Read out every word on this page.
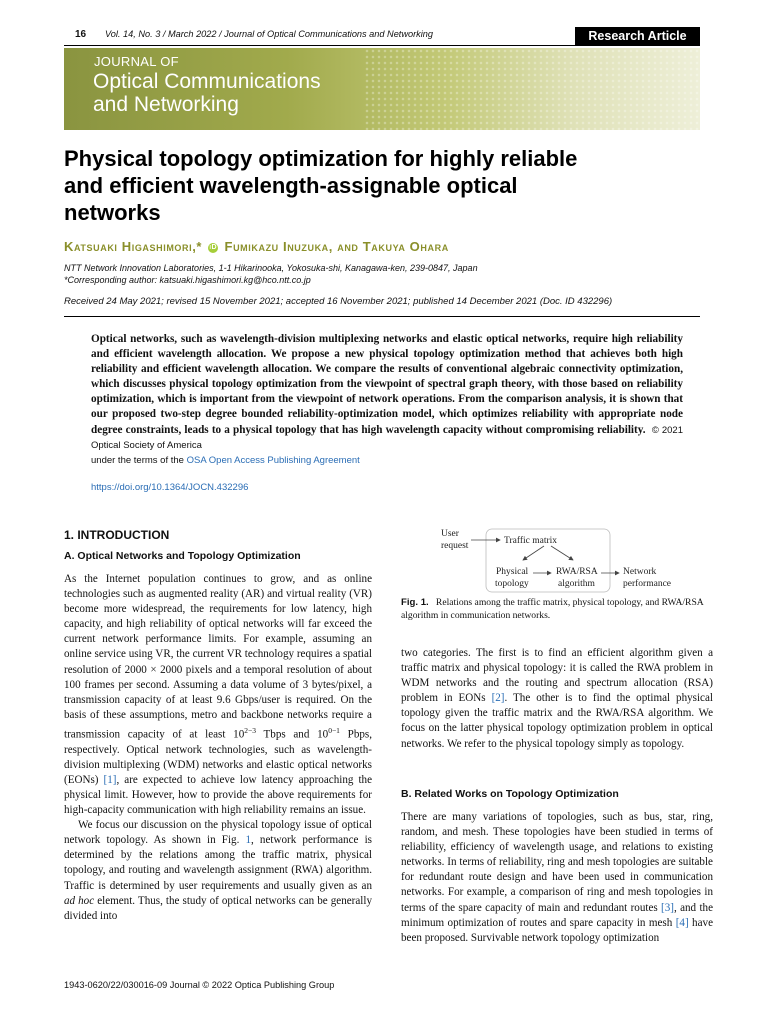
16 Vol. 14, No. 3 / March 2022 / Journal of Optical Communications and Networking	Research Article
JOURNAL OF
Optical Communications
and Networking
Physical topology optimization for highly reliable
and efficient wavelength-assignable optical
networks
Katsuaki Higashimori,* iD Fumikazu Inuzuka, and Takuya Ohara
NTT Network Innovation Laboratories, 1-1 Hikarinooka, Yokosuka-shi, Kanagawa-ken, 239-0847, Japan
*Corresponding author: katsuaki.higashimori.kg@hco.ntt.co.jp
Received 24 May 2021; revised 15 November 2021; accepted 16 November 2021; published 14 December 2021 (Doc. ID 432296)
Optical networks, such as wavelength-division multiplexing networks and elastic optical networks, require high reliability and efficient wavelength allocation. We propose a new physical topology optimization method that achieves both high reliability and efficient wavelength allocation. We compare the results of conventional algebraic connectivity optimization, which discusses physical topology optimization from the viewpoint of spectral graph theory, with those based on reliability optimization, which is important from the viewpoint of network operations. From the comparison analysis, it is shown that our proposed two-step degree bounded reliability-optimization model, which optimizes reliability with appropriate node degree constraints, leads to a physical topology that has high wavelength capacity without compromising reliability. © 2021 Optical Society of America
under the terms of the OSA Open Access Publishing Agreement
https://doi.org/10.1364/JOCN.432296
1. INTRODUCTION
A. Optical Networks and Topology Optimization

As the Internet population continues to grow, and as online technologies such as augmented reality (AR) and virtual reality (VR) become more widespread, the requirements for low latency, high capacity, and high reliability of optical networks will far exceed the current network performance limits. For example, assuming an online service using VR, the current VR technology requires a spatial resolution of 2000 × 2000 pixels and a temporal resolution of about 100 frames per second. Assuming a data volume of 3 bytes/pixel, a transmission capacity of at least 9.6 Gbps/user is required. On the basis of these assumptions, metro and backbone networks require a transmission capacity of at least $10^{2-3}$ Tbps and $10^{0-1}$ Pbps, respectively. Optical network technologies, such as wavelength-division multiplexing (WDM) networks and elastic optical networks (EONs) [1], are expected to achieve low latency approaching the physical limit. However, how to provide the above requirements for high-capacity communication with high reliability remains an issue.

We focus our discussion on the physical topology issue of optical network topology. As shown in Fig. 1, network performance is determined by the relations among the traffic matrix, physical topology, and routing and wavelength assignment (RWA) algorithm. Traffic is determined by user requirements and usually given as an ad hoc element. Thus, the study of optical networks can be generally divided into

User request	Traffic matrix
Physical
topology
RWA/RSA
algorithm
Network
performance
Fig. 1. Relations among the traffic matrix, physical topology, and RWA/RSA algorithm in communication networks.

two categories. The first is to find an efficient algorithm given a traffic matrix and physical topology: it is called the RWA problem in WDM networks and the routing and spectrum allocation (RSA) problem in EONs [2]. The other is to find the optimal physical topology given the traffic matrix and the RWA/RSA algorithm. We focus on the latter physical topology optimization problem in optical networks. We refer to the physical topology simply as topology.

B. Related Works on Topology Optimization

There are many variations of topologies, such as bus, star, ring, random, and mesh. These topologies have been studied in terms of reliability, efficiency of wavelength usage, and relations to existing networks. In terms of reliability, ring and mesh topologies are suitable for redundant route design and have been used in communication networks. For example, a comparison of ring and mesh topologies in terms of the spare capacity of main and redundant routes [3], and the minimum optimization of routes and spare capacity in mesh [4] have been proposed. Survivable network topology optimization

1943-0620/22/030016-09 Journal © 2022 Optica Publishing Group
